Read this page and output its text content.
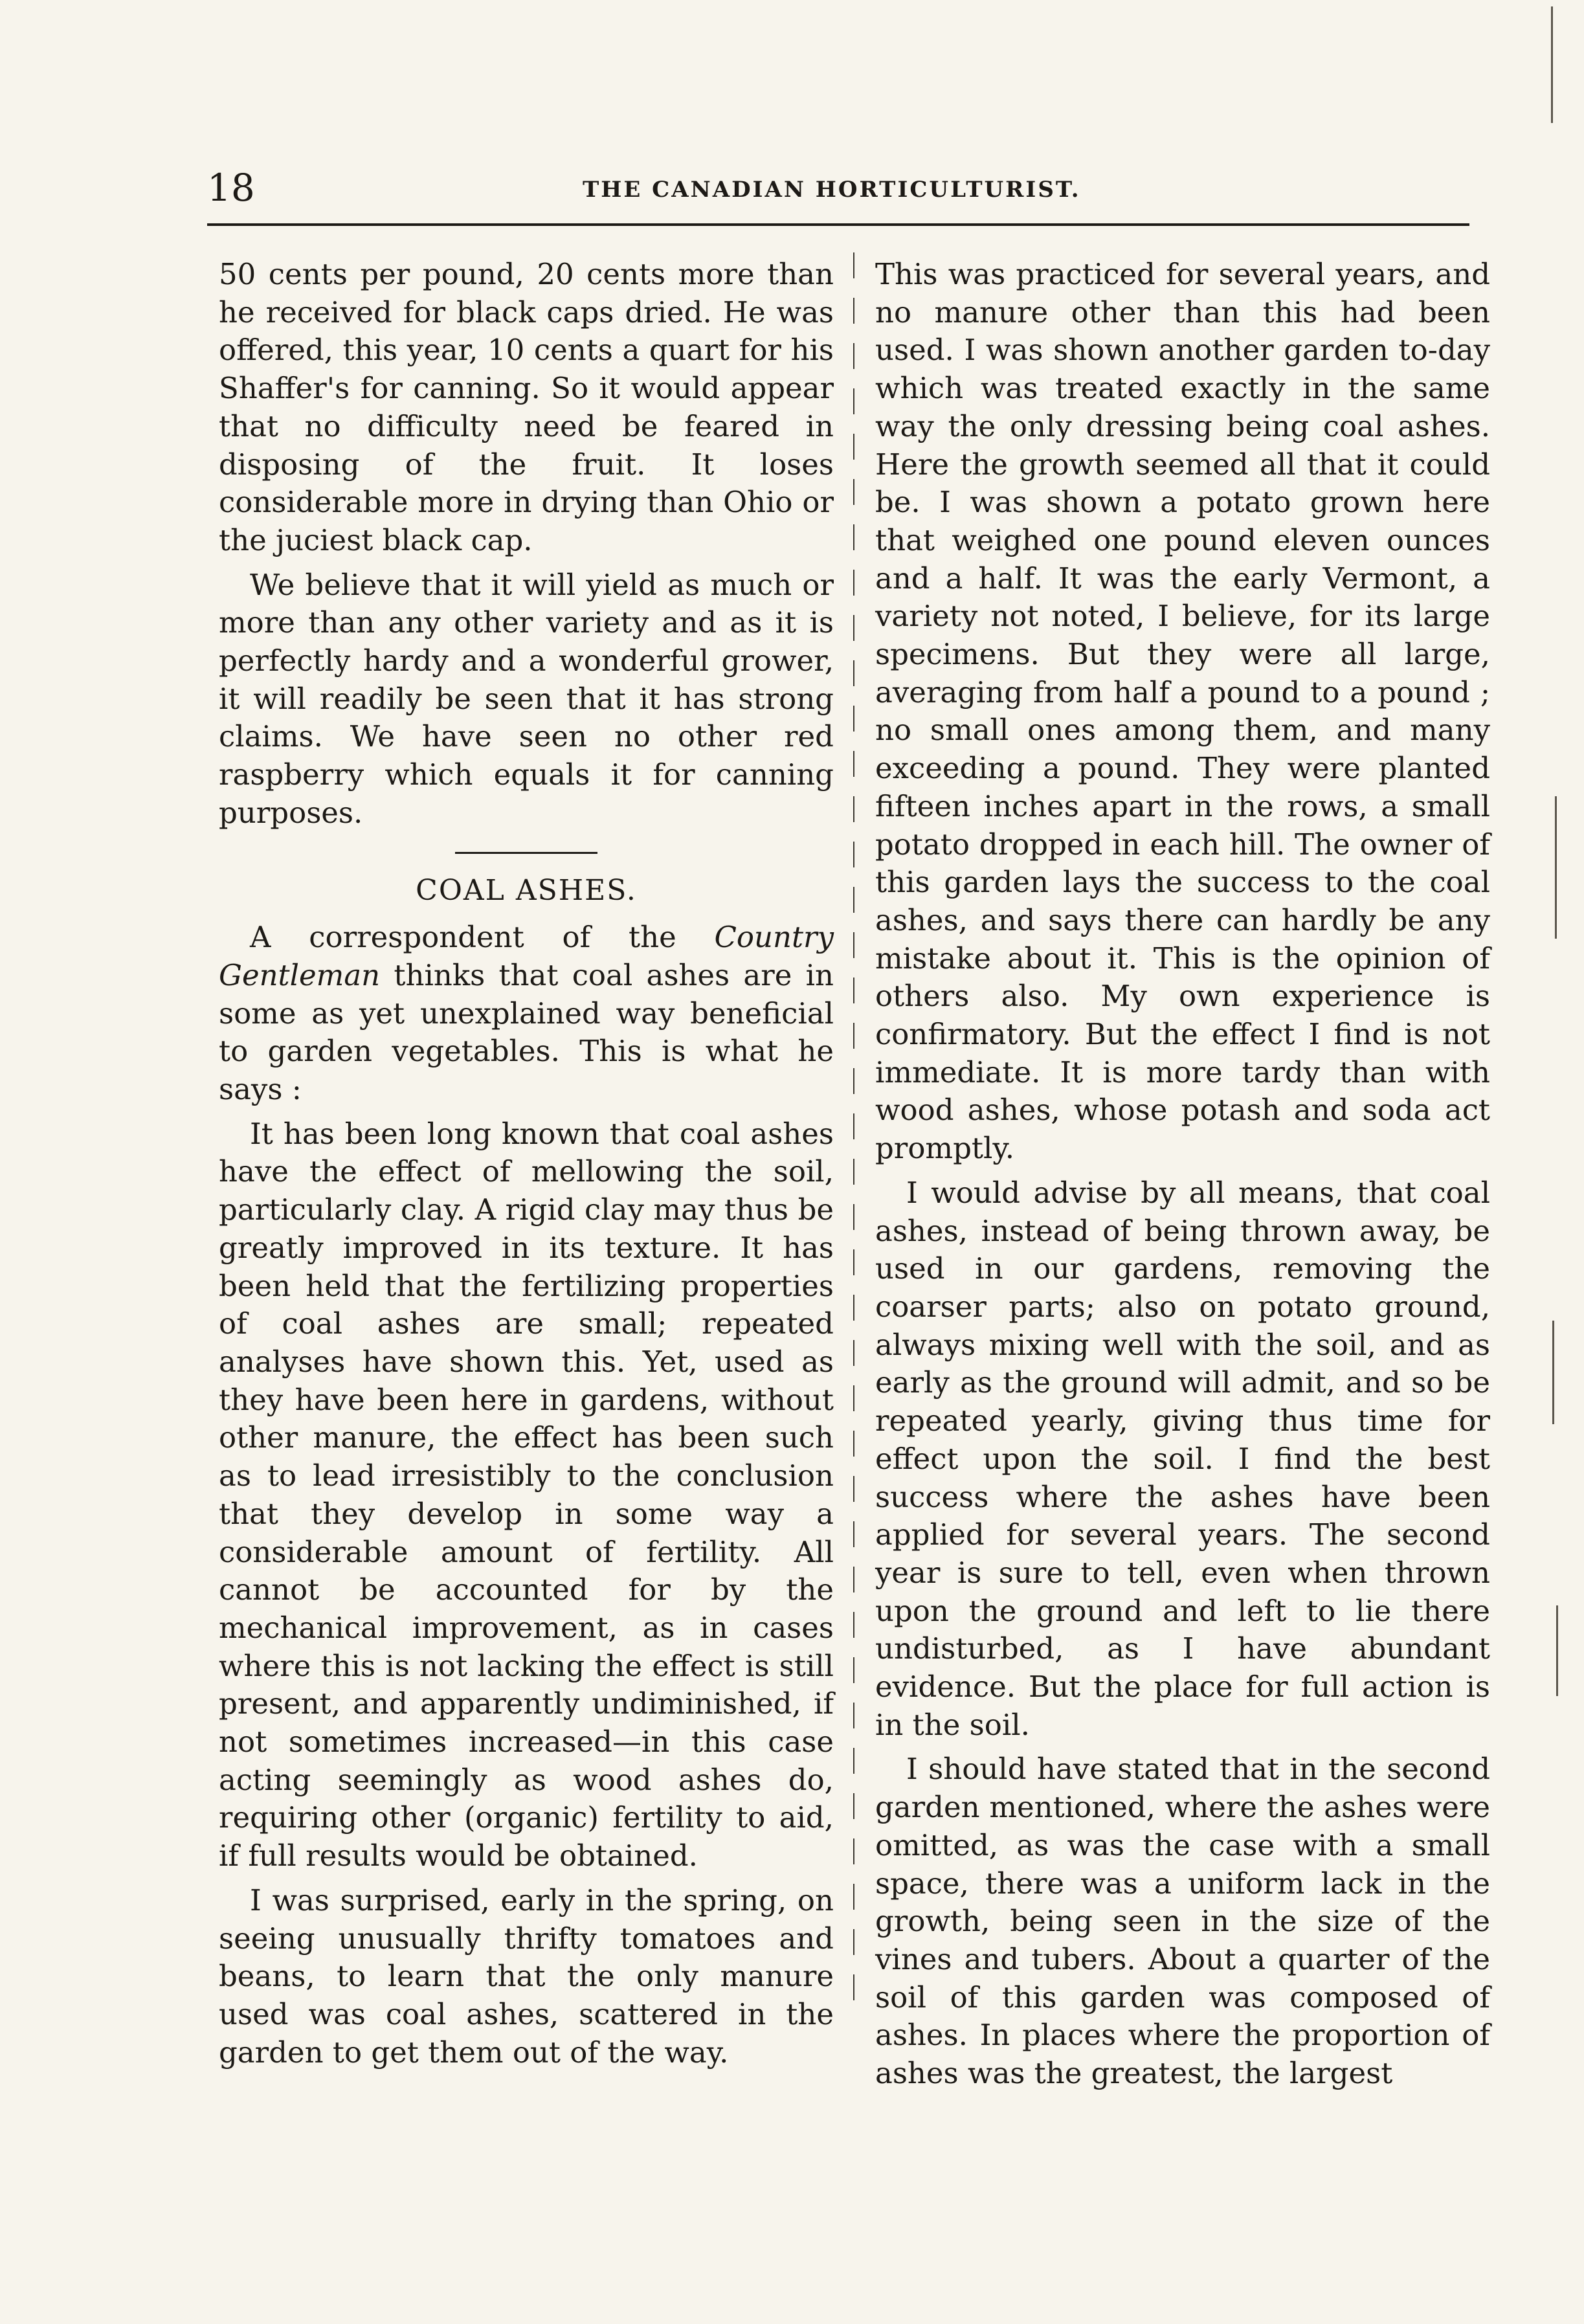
18	THE CANADIAN HORTICULTURIST.

50 cents per pound, 20 cents more than he received for black caps dried. He was offered, this year, 10 cents a quart for his Shaffer's for canning. So it would appear that no difficulty need be feared in disposing of the fruit. It loses considerable more in drying than Ohio or the juciest black cap.

We believe that it will yield as much or more than any other variety and as it is perfectly hardy and a wonderful grower, it will readily be seen that it has strong claims. We have seen no other red raspberry which equals it for canning purposes.

COAL ASHES.

A correspondent of the Country Gentleman thinks that coal ashes are in some as yet unexplained way beneficial to garden vegetables. This is what he says :

It has been long known that coal ashes have the effect of mellowing the soil, particularly clay. A rigid clay may thus be greatly improved in its texture. It has been held that the fertilizing properties of coal ashes are small; repeated analyses have shown this. Yet, used as they have been here in gardens, without other manure, the effect has been such as to lead irresistibly to the conclusion that they develop in some way a considerable amount of fertility. All cannot be accounted for by the mechanical improvement, as in cases where this is not lacking the effect is still present, and apparently undiminished, if not sometimes increased—in this case acting seemingly as wood ashes do, requiring other (organic) fertility to aid, if full results would be obtained.

I was surprised, early in the spring, on seeing unusually thrifty tomatoes and beans, to learn that the only manure used was coal ashes, scattered in the garden to get them out of the way.

This was practiced for several years, and no manure other than this had been used. I was shown another garden to-day which was treated exactly in the same way the only dressing being coal ashes. Here the growth seemed all that it could be. I was shown a potato grown here that weighed one pound eleven ounces and a half. It was the early Vermont, a variety not noted, I believe, for its large specimens. But they were all large, averaging from half a pound to a pound ; no small ones among them, and many exceeding a pound. They were planted fifteen inches apart in the rows, a small potato dropped in each hill. The owner of this garden lays the success to the coal ashes, and says there can hardly be any mistake about it. This is the opinion of others also. My own experience is confirmatory. But the effect I find is not immediate. It is more tardy than with wood ashes, whose potash and soda act promptly.

I would advise by all means, that coal ashes, instead of being thrown away, be used in our gardens, removing the coarser parts; also on potato ground, always mixing well with the soil, and as early as the ground will admit, and so be repeated yearly, giving thus time for effect upon the soil. I find the best success where the ashes have been applied for several years. The second year is sure to tell, even when thrown upon the ground and left to lie there undisturbed, as I have abundant evidence. But the place for full action is in the soil.

I should have stated that in the second garden mentioned, where the ashes were omitted, as was the case with a small space, there was a uniform lack in the growth, being seen in the size of the vines and tubers. About a quarter of the soil of this garden was composed of ashes. In places where the proportion of ashes was the greatest, the largest
